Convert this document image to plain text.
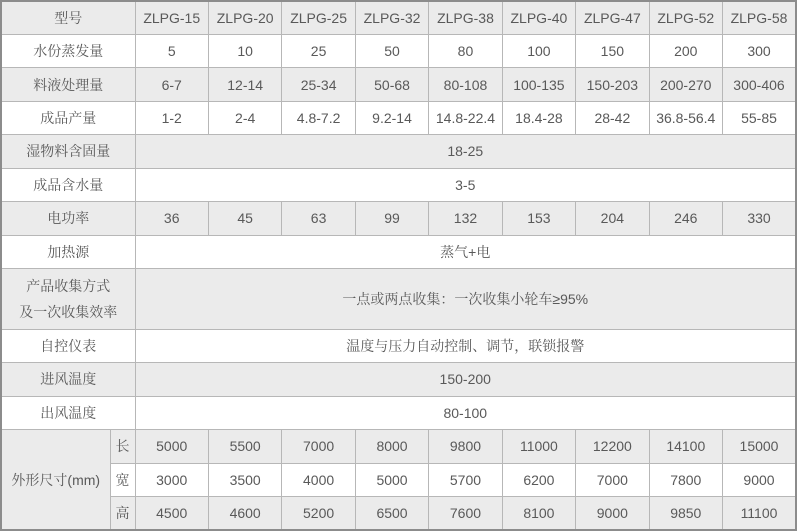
型号		ZLPG-15	ZLPG-20	ZLPG-25	ZLPG-32	ZLPG-38	ZLPG-40	ZLPG-47	ZLPG-52	ZLPG-58
水份蒸发量		5	10	25	50	80	100	150	200	300
料液处理量		6-7	12-14	25-34	50-68	80-108	100-135	150-203	200-270	300-406
成品产量		1-2	2-4	4.8-7.2	9.2-14	14.8-22.4	18.4-28	28-42	36.8-56.4	55-85
湿物料含固量		18-25								
成品含水量		3-5								
电功率		36	45	63	99	132	153	204	246	330
加热源		蒸气+电								

产品收集方式
及一次收集效率		一点或两点收集：一次收集小轮车≥95%								
自控仪表		温度与压力自动控制、调节，联锁报警								
进风温度		150-200								
出风温度		80-100								
外形尺寸(mm)	长	5000	5500	7000	8000	9800	11000	12200	14100	15000
	宽	3000	3500	4000	5000	5700	6200	7000	7800	9000
	高	4500	4600	5200	6500	7600	8100	9000	9850	11100
